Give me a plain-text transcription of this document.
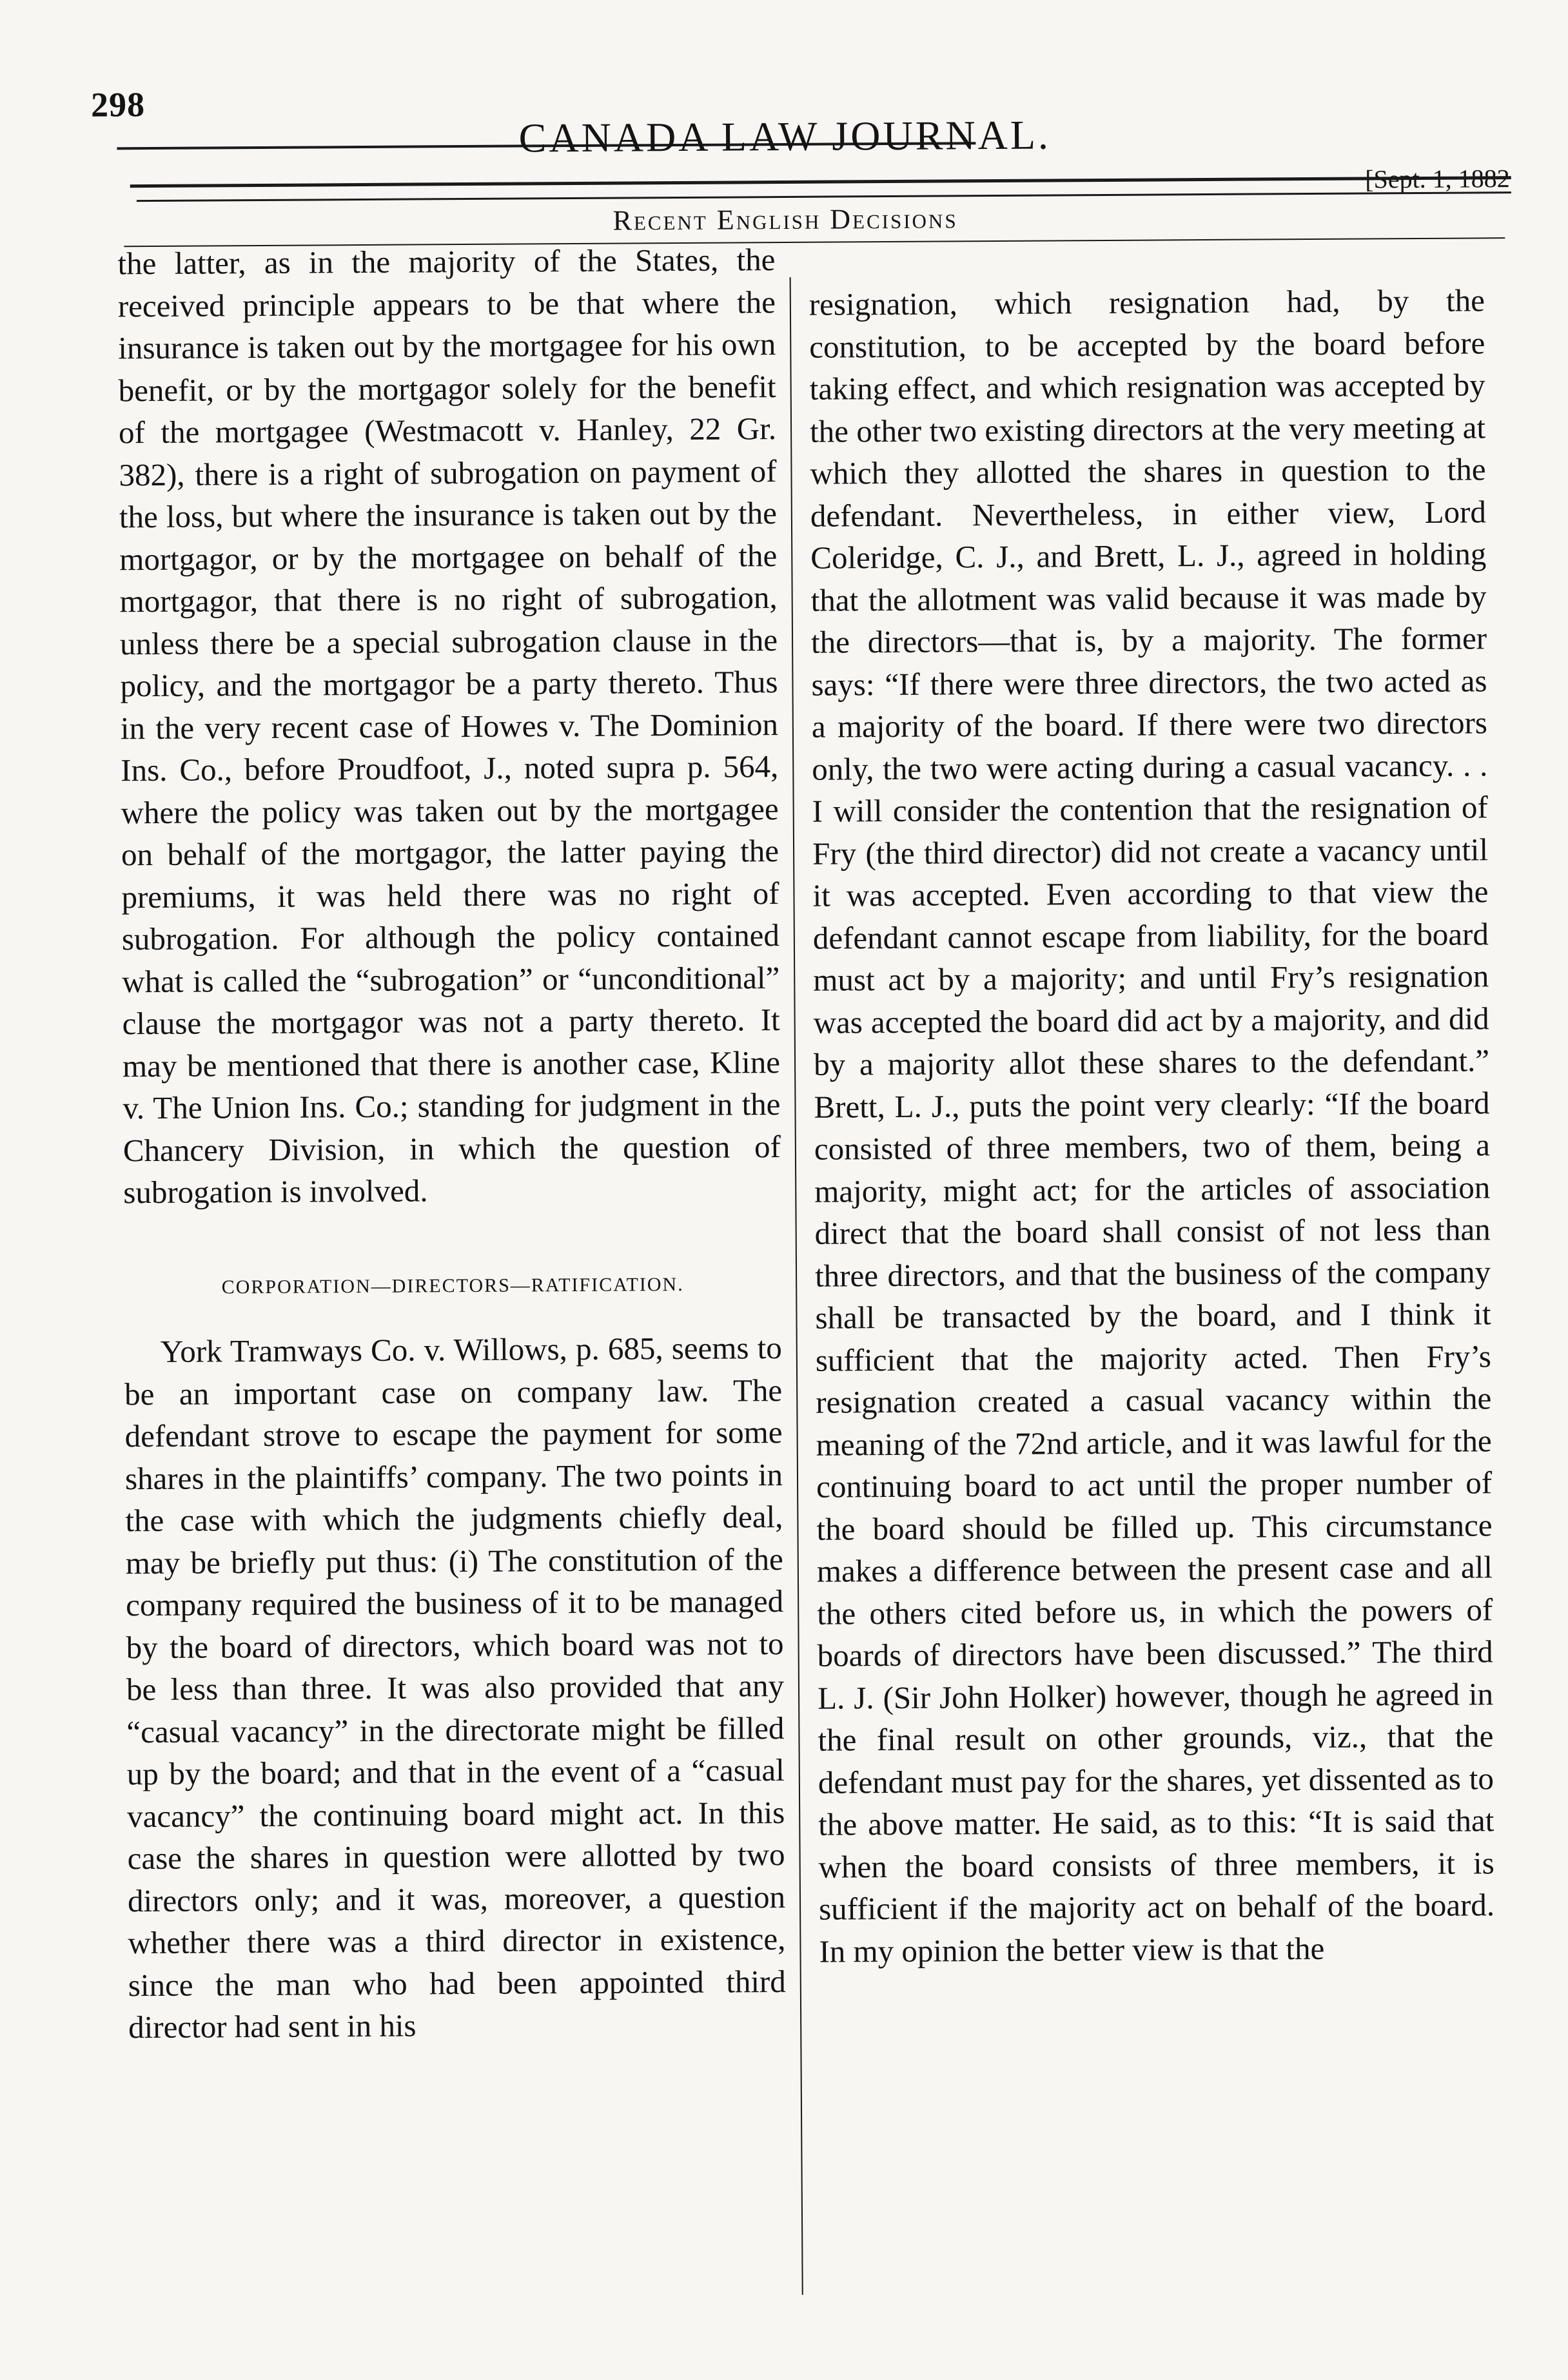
298
CANADA LAW JOURNAL.
[Sept. 1, 1882
Recent English Decisions

the latter, as in the majority of the States, the received principle appears to be that where the insurance is taken out by the mortgagee for his own benefit, or by the mortgagor solely for the benefit of the mortgagee (Westmacott v. Hanley, 22 Gr. 382), there is a right of subrogation on payment of the loss, but where the insurance is taken out by the mortgagor, or by the mortgagee on behalf of the mortgagor, that there is no right of subrogation, unless there be a special subrogation clause in the policy, and the mortgagor be a party thereto. Thus in the very recent case of Howes v. The Dominion Ins. Co., before Proudfoot, J., noted supra p. 564, where the policy was taken out by the mortgagee on behalf of the mortgagor, the latter paying the premiums, it was held there was no right of subrogation. For although the policy contained what is called the “subrogation” or “unconditional” clause the mortgagor was not a party thereto. It may be mentioned that there is another case, Kline v. The Union Ins. Co.; standing for judgment in the Chancery Division, in which the question of subrogation is involved.

CORPORATION—DIRECTORS—RATIFICATION.

York Tramways Co. v. Willows, p. 685, seems to be an important case on company law. The defendant strove to escape the payment for some shares in the plaintiffs’ company. The two points in the case with which the judgments chiefly deal, may be briefly put thus: (i) The constitution of the company required the business of it to be managed by the board of directors, which board was not to be less than three. It was also provided that any “casual vacancy” in the directorate might be filled up by the board; and that in the event of a “casual vacancy” the continuing board might act. In this case the shares in question were allotted by two directors only; and it was, moreover, a question whether there was a third director in existence, since the man who had been appointed third director had sent in his

resignation, which resignation had, by the constitution, to be accepted by the board before taking effect, and which resignation was accepted by the other two existing directors at the very meeting at which they allotted the shares in question to the defendant. Nevertheless, in either view, Lord Coleridge, C. J., and Brett, L. J., agreed in holding that the allotment was valid because it was made by the directors—that is, by a majority. The former says: “If there were three directors, the two acted as a majority of the board. If there were two directors only, the two were acting during a casual vacancy. . . I will consider the contention that the resignation of Fry (the third director) did not create a vacancy until it was accepted. Even according to that view the defendant cannot escape from liability, for the board must act by a majority; and until Fry’s resignation was accepted the board did act by a majority, and did by a majority allot these shares to the defendant.” Brett, L. J., puts the point very clearly: “If the board consisted of three members, two of them, being a majority, might act; for the articles of association direct that the board shall consist of not less than three directors, and that the business of the company shall be transacted by the board, and I think it sufficient that the majority acted. Then Fry’s resignation created a casual vacancy within the meaning of the 72nd article, and it was lawful for the continuing board to act until the proper number of the board should be filled up. This circumstance makes a difference between the present case and all the others cited before us, in which the powers of boards of directors have been discussed.” The third L. J. (Sir John Holker) however, though he agreed in the final result on other grounds, viz., that the defendant must pay for the shares, yet dissented as to the above matter. He said, as to this: “It is said that when the board consists of three members, it is sufficient if the majority act on behalf of the board. In my opinion the better view is that the
